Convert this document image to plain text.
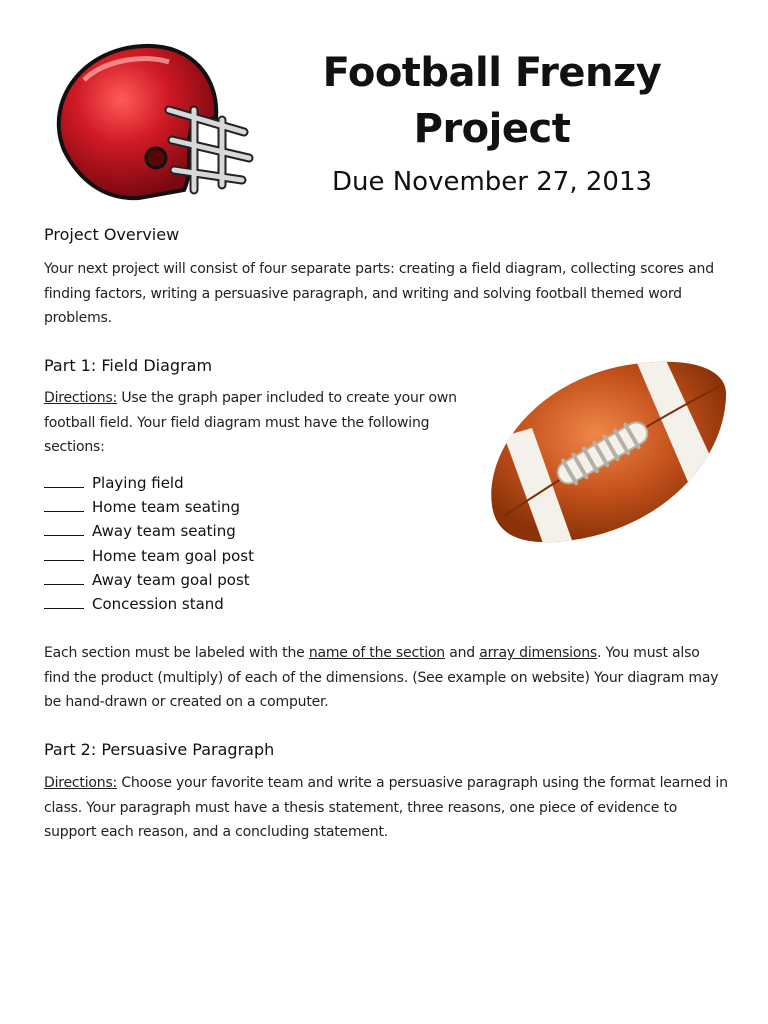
Football Frenzy
Project
Due November 27, 2013
Project Overview
Your next project will consist of four separate parts: creating a field diagram, collecting scores and finding factors, writing a persuasive paragraph, and writing and solving football themed word problems.
Part 1: Field Diagram
Directions: Use the graph paper included to create your own football field. Your field diagram must have the following sections:
Playing field
Home team seating
Away team seating
Home team goal post
Away team goal post
Concession stand
Each section must be labeled with the name of the section and array dimensions. You must also find the product (multiply) of each of the dimensions. (See example on website) Your diagram may be hand-drawn or created on a computer.
Part 2: Persuasive Paragraph
Directions: Choose your favorite team and write a persuasive paragraph using the format learned in class. Your paragraph must have a thesis statement, three reasons, one piece of evidence to support each reason, and a concluding statement.
